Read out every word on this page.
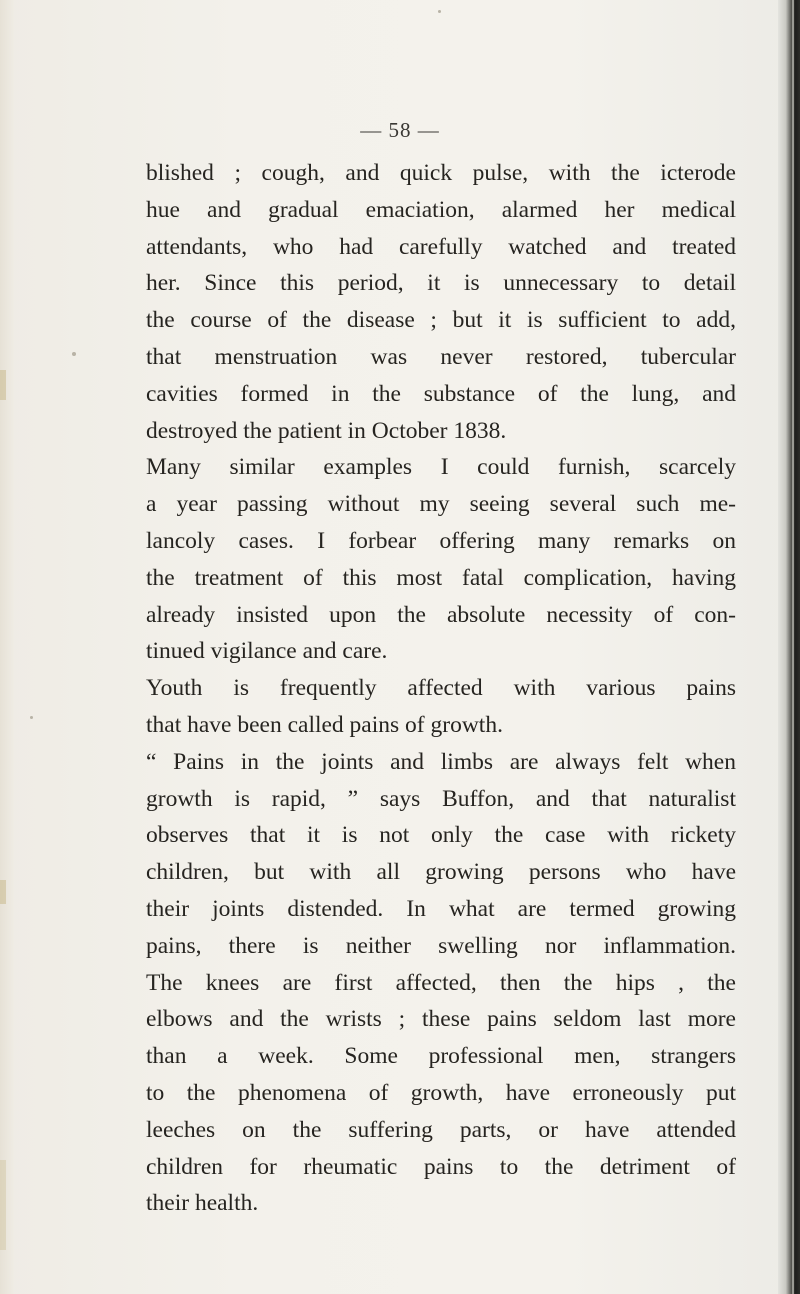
— 58 —
blished ; cough, and quick pulse, with the icterode
hue and gradual emaciation, alarmed her medical
attendants, who had carefully watched and treated
her. Since this period, it is unnecessary to detail
the course of the disease ; but it is sufficient to add,
that menstruation was never restored, tubercular
cavities formed in the substance of the lung, and
destroyed the patient in October 1838.
Many similar examples I could furnish, scarcely
a year passing without my seeing several such me-
lancoly cases. I forbear offering many remarks on
the treatment of this most fatal complication, having
already insisted upon the absolute necessity of con-
tinued vigilance and care.
Youth is frequently affected with various pains
that have been called pains of growth.
“ Pains in the joints and limbs are always felt when
growth is rapid, ” says Buffon, and that naturalist
observes that it is not only the case with rickety
children, but with all growing persons who have
their joints distended. In what are termed growing
pains, there is neither swelling nor inflammation.
The knees are first affected, then the hips , the
elbows and the wrists ; these pains seldom last more
than a week. Some professional men, strangers
to the phenomena of growth, have erroneously put
leeches on the suffering parts, or have attended
children for rheumatic pains to the detriment of
their health.
